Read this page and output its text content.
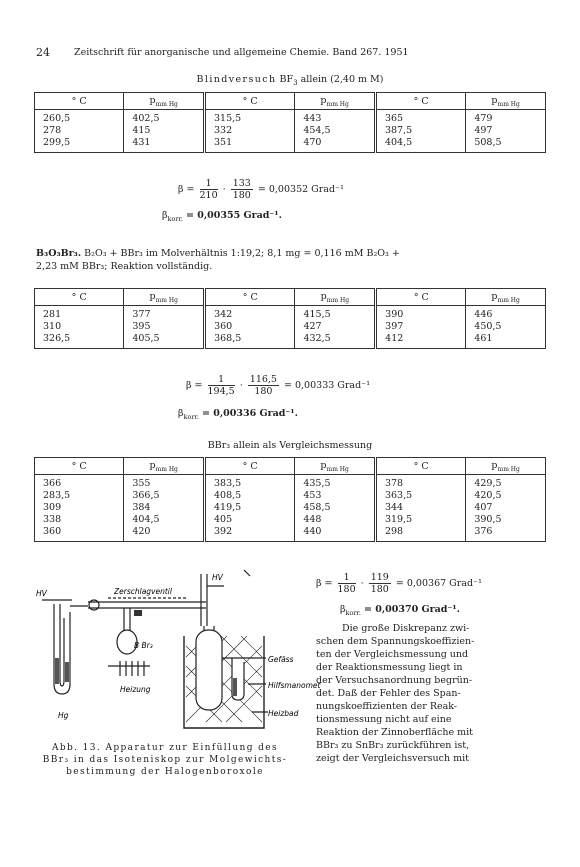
24	Zeitschrift für anorganische und allgemeine Chemie. Band 267. 1951
Blindversuch $BF_3$ allein (2,40 m M)
° C	$p_{mm Hg}$	° C	$p_{mm Hg}$	° C	$p_{mm Hg}$
260,5	402,5	315,5	443	365	479
278	415	332	454,5	387,5	497
299,5	431	351	470	404,5	508,5
$\beta = \frac{1}{210} \cdot \frac{133}{180} = 0,00352$ Grad⁻¹
$\beta_{korr.} = 0,00355$ Grad⁻¹.
B₃O₃Br₃. B₂O₃ + BBr₃ im Molverhältnis 1:19,2; 8,1 mg = 0,116 mM B₂O₃ +
2,23 mM BBr₃; Reaktion vollständig.
° C	$p_{mm Hg}$	° C	$p_{mm Hg}$	° C	$p_{mm Hg}$
281	377	342	415,5	390	446
310	395	360	427	397	450,5
326,5	405,5	368,5	432,5	412	461
$\beta = \frac{1}{194,5} \cdot \frac{116,5}{180} = 0,00333$ Grad⁻¹
$\beta_{korr.} = 0,00336$ Grad⁻¹.
BBr₃ allein als Vergleichsmessung
° C	$p_{mm Hg}$	° C	$p_{mm Hg}$	° C	$p_{mm Hg}$
366	355	383,5	435,5	378	429,5
283,5	366,5	408,5	453	363,5	420,5
309	384	419,5	458,5	344	407
338	404,5	405	448	319,5	390,5
360	420	392	440	298	376
HV	Zerschlagventil
B Br₃
Hg
Heizung
HV
Gefäss
Hilfsmanomet
Heizbad
Abb. 13. Apparatur zur Einfüllung des
BBr₃ in das Isoteniskop zur Molgewichts-
bestimmung der Halogenboroxole
$\beta = \frac{1}{180} \cdot \frac{119}{180} = 0,00367$ Grad⁻¹
$\beta_{korr.} = 0,00370$ Grad⁻¹.
Die große Diskrepanz zwi-
schen dem Spannungskoeffizien-
ten der Vergleichsmessung und
der Reaktionsmessung liegt in
der Versuchsanordnung begrün-
det. Daß der Fehler des Span-
nungskoeffizienten der Reak-
tionsmessung nicht auf eine
Reaktion der Zinnoberfläche mit
BBr₃ zu SnBr₃ zurückführen ist,
zeigt der Vergleichsversuch mit
